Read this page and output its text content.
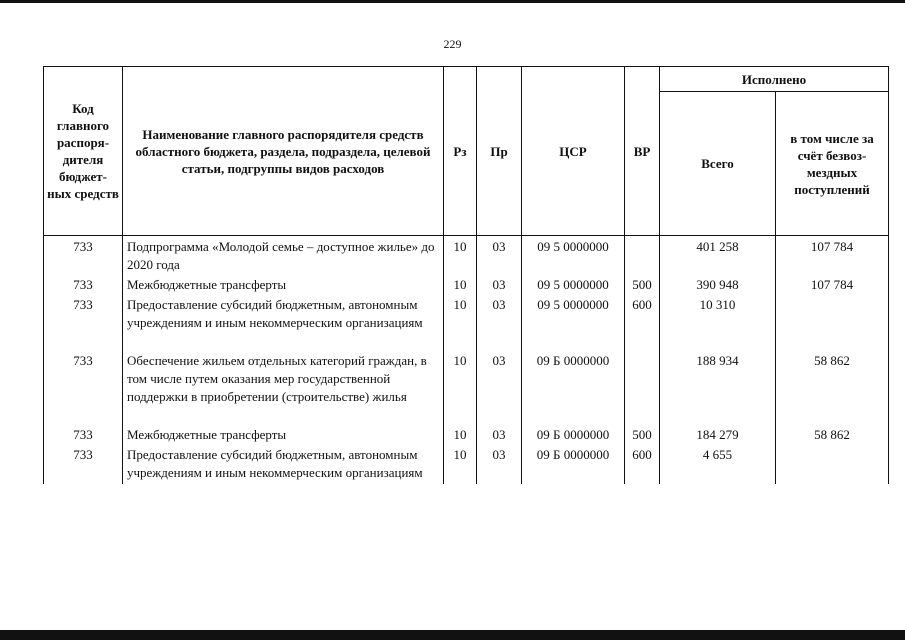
229
Код главного распоря-дителя бюджет-ных средств	Наименование главного распорядителя средств областного бюджета, раздела, подраздела, целевой статьи, подгруппы видов расходов	Рз	Пр	ЦСР	ВР	Исполнено	
						Всего	в том числе за счёт безвоз-мездных поступлений
733	Подпрограмма «Молодой семье – доступное жилье» до 2020 года	10	03	09 5 0000000		401 258	107 784
733	Межбюджетные трансферты	10	03	09 5 0000000	500	390 948	107 784
733	Предоставление субсидий бюджетным, автономным учреждениям и иным некоммерческим организациям	10	03	09 5 0000000	600	10 310	
733	Обеспечение жильем отдельных категорий граждан, в том числе путем оказания мер государственной поддержки в приобретении (строительстве) жилья	10	03	09 Б 0000000		188 934	58 862
733	Межбюджетные трансферты	10	03	09 Б 0000000	500	184 279	58 862
733	Предоставление субсидий бюджетным, автономным учреждениям и иным некоммерческим организациям	10	03	09 Б 0000000	600	4 655	
